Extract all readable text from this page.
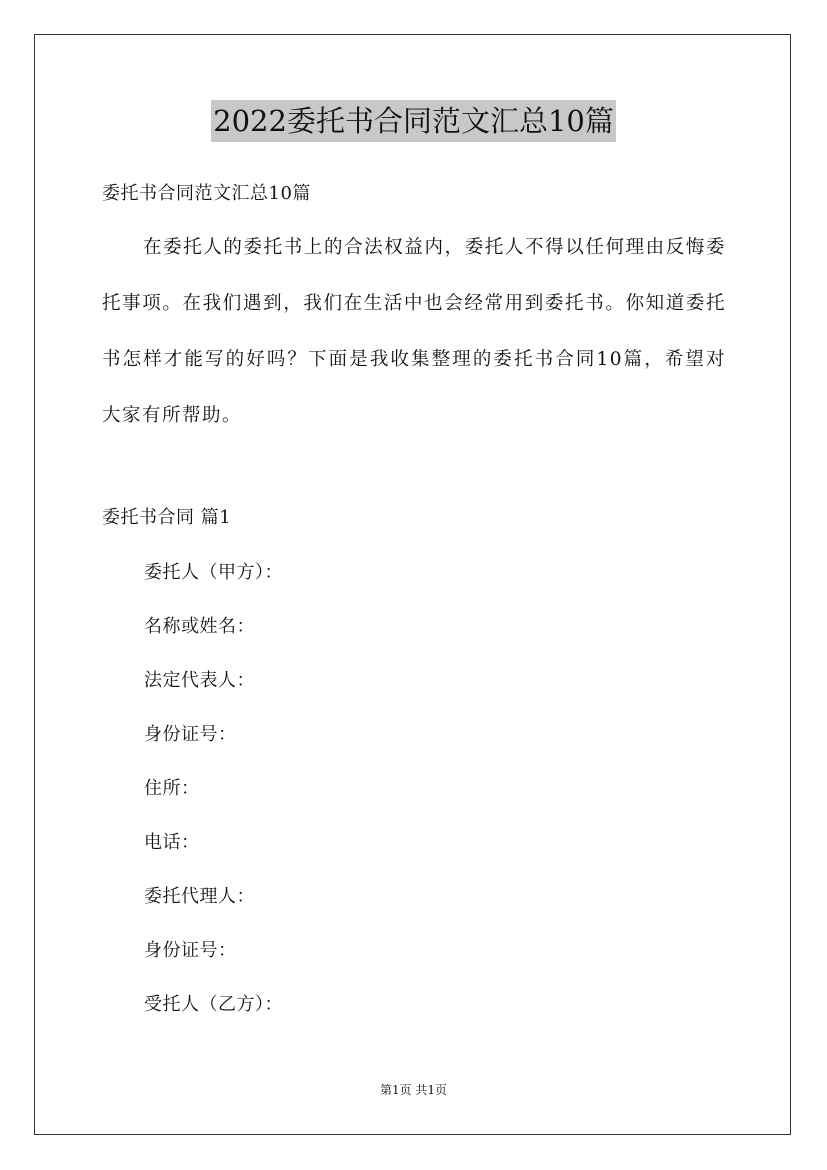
2022委托书合同范文汇总10篇
委托书合同范文汇总10篇
在委托人的委托书上的合法权益内，委托人不得以任何理由反悔委托事项。在我们遇到，我们在生活中也会经常用到委托书。你知道委托书怎样才能写的好吗？下面是我收集整理的委托书合同10篇，希望对大家有所帮助。
委托书合同 篇1
委托人（甲方）：
名称或姓名：
法定代表人：
身份证号：
住所：
电话：
委托代理人：
身份证号：
受托人（乙方）：
第1页 共1页
